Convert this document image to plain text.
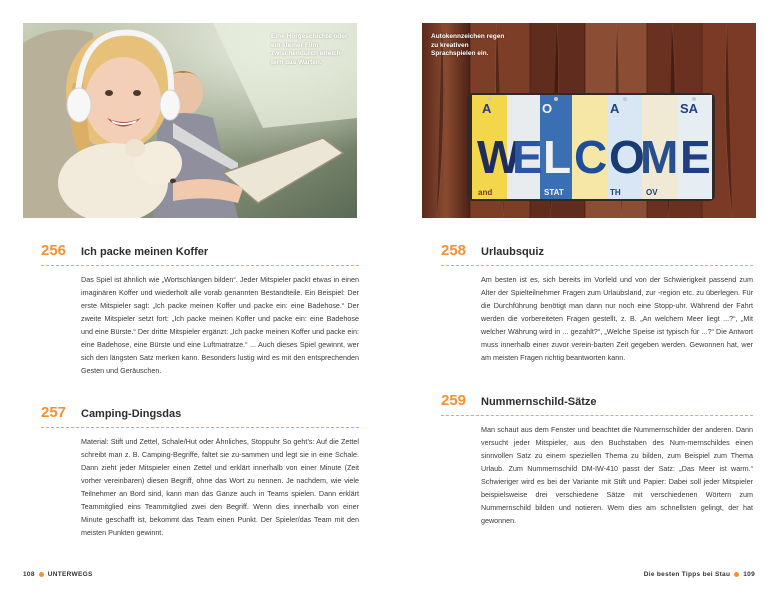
Eine Hörgeschichte oder ein kleiner Film zwischendurch erleich-tern das Warten.
256 Ich packe meinen Koffer
Das Spiel ist ähnlich wie „Wortschlangen bilden“. Jeder Mitspieler packt etwas in einen imaginären Koffer und wiederholt alle vorab genannten Bestandteile. Ein Beispiel: Der erste Mitspieler sagt: „Ich packe meinen Koffer und packe ein: eine Badehose.“ Der zweite Mitspieler setzt fort: „Ich packe meinen Koffer und packe ein: eine Badehose und eine Bürste.“ Der dritte Mitspieler ergänzt: „Ich packe meinen Koffer und packe ein: eine Badehose, eine Bürste und eine Luftmatratze.“ ... Auch dieses Spiel gewinnt, wer sich den längsten Satz merken kann. Besonders lustig wird es mit den entsprechenden Gesten und Geräuschen.
257 Camping-Dingsdas
Material: Stift und Zettel, Schale/Hut oder Ähnliches, Stoppuhr So geht’s: Auf die Zettel schreibt man z. B. Camping-Begriffe, faltet sie zu-sammen und legt sie in eine Schale. Dann zieht jeder Mitspieler einen Zettel und erklärt innerhalb von einer Minute (Zeit vorher vereinbaren) diesen Begriff, ohne das Wort zu nennen. Je nachdem, wie viele Teilnehmer an Bord sind, kann man das Ganze auch in Teams spielen. Dann erklärt Teammitglied eins Teammitglied zwei den Begriff. Wenn dies innerhalb von einer Minute geschafft ist, bekommt das Team einen Punkt. Der Spieler/das Team mit den meisten Punkten gewinnt.
108 UNTERWEGS
A	O	A	SA
and	STAT	TH	OV
W
E L C O
M E
Autokennzeichen regen zu kreativen Sprachspielen ein.
258 Urlaubsquiz
Am besten ist es, sich bereits im Vorfeld und von der Schwierigkeit passend zum Alter der Spielteilnehmer Fragen zum Urlaubsland, zur -region etc. zu überlegen. Für die Durchführung benötigt man dann nur noch eine Stopp-uhr. Während der Fahrt werden die vorbereiteten Fragen gestellt, z. B. „An welchem Meer liegt ...?“, „Mit welcher Währung wird in ... gezahlt?“, „Welche Speise ist typisch für ...?“ Die Antwort muss innerhalb einer zuvor verein-barten Zeit gegeben werden. Gewonnen hat, wer am meisten Fragen richtig beantworten kann.
259 Nummernschild-Sätze
Man schaut aus dem Fenster und beachtet die Nummernschilder der anderen. Dann versucht jeder Mitspieler, aus den Buchstaben des Num-mernschildes einen sinnvollen Satz zu einem speziellen Thema zu bilden, zum Beispiel zum Thema Urlaub. Zum Nummernschild DM-IW-410 passt der Satz: „Das Meer ist warm.“ Schwieriger wird es bei der Variante mit Stift und Papier: Dabei soll jeder Mitspieler beispielsweise drei verschiedene Sätze mit verschiedenen Wörtern zum Nummernschild bilden und notieren. Wem dies am schnellsten gelingt, der hat gewonnen.
Die besten Tipps bei Stau 109
